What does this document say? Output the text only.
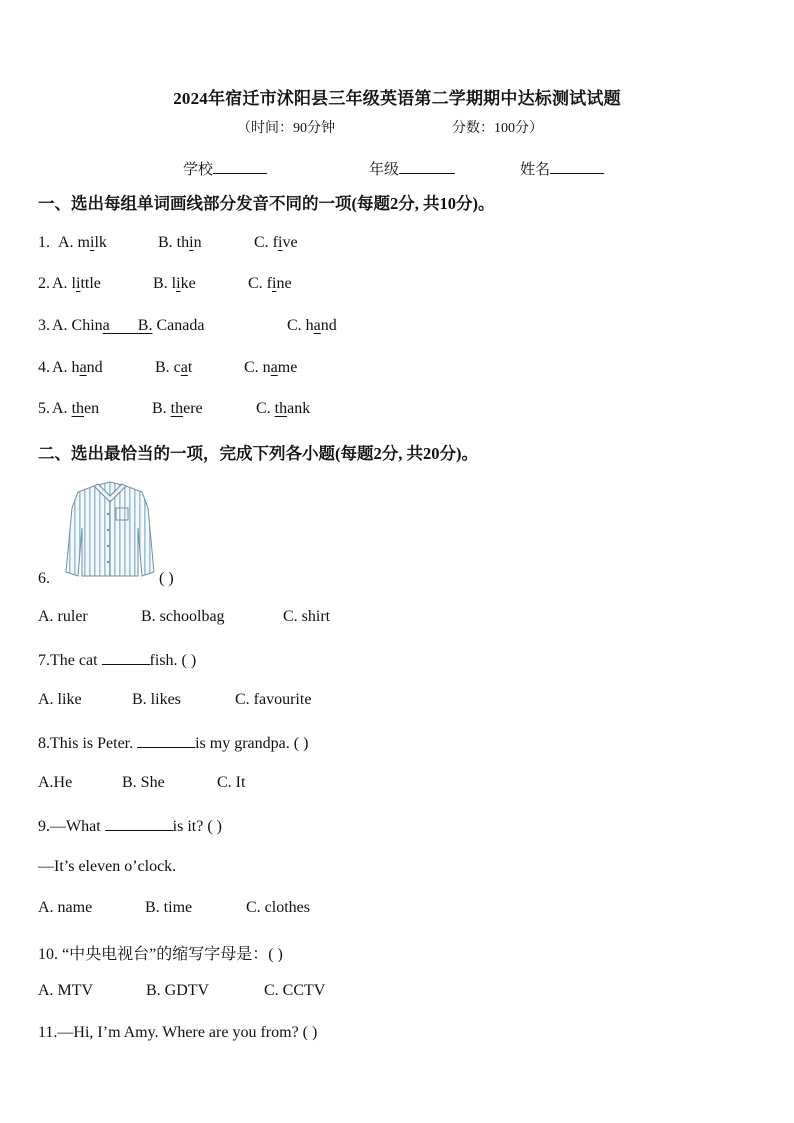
2024年宿迁市沭阳县三年级英语第二学期期中达标测试试题
（时间：90分钟	分数：100分）
学校	年级	姓名
一、选出每组单词画线部分发音不同的一项(每题2分, 共10分)。
1. A. milk	B. thin	C. five
2. A. little	B. like	C. fine
3. A. China       B. Canada	C. hand
4. A. hand	B. cat	C. name
5. A. then	B. there	C. thank
二、选出最恰当的一项，完成下列各小题(每题2分, 共20分)。
6.	( )
A. ruler	B. schoolbag	C. shirt
7.The cat	fish. ( )
A. like	B. likes	C. favourite
8.This is Peter.	is my grandpa. ( )
A.He	B. She	C. It
9.—What	is it? ( )
—It’s eleven o’clock.
A. name	B. time	C. clothes
10. “中央电视台”的缩写字母是：( )
A. MTV	B. GDTV	C. CCTV
11.—Hi, I’m Amy. Where are you from? ( )
